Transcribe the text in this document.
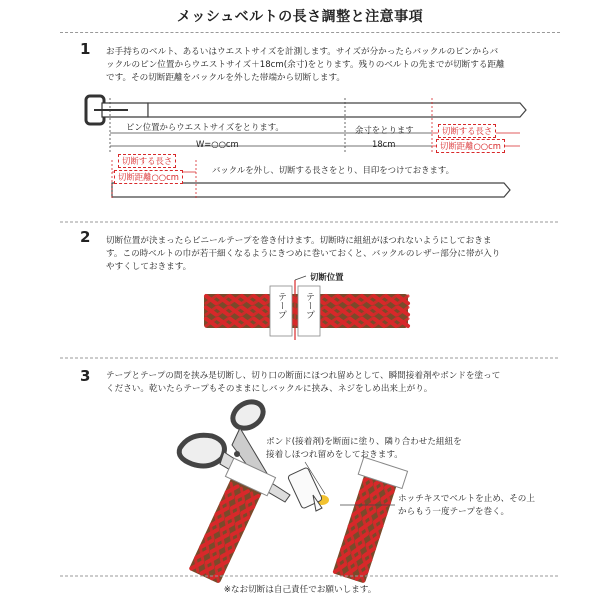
メッシュベルトの長さ調整と注意事項
1 お手持ちのベルト、あるいはウエストサイズを計測します。サイズが分かったらバックルのピンからバックルのピン位置からウエストサイズ＋18cm(余寸)をとります。残りのベルトの先までが切断する距離です。その切断距離をバックルを外した帯端から切断します。
ピン位置からウエストサイズをとります。
W=○○cm
余寸をとります
18cm
切断する長さ
切断距離○○cm
切断する長さ
切断距離○○cm
バックルを外し、切断する長さをとり、目印をつけておきます。
2 切断位置が決まったらビニールテープを巻き付けます。切断時に組紐がほつれないようにしておきます。この時ベルトの巾が若干細くなるようにきつめに巻いておくと、バックルのレザー部分に帯が入りやすくしておきます。
切断位置
テープ テープ
3 テープとテープの間を挟み是切断し、切り口の断面にほつれ留めとして、瞬間接着剤やボンドを塗ってください。乾いたらテープもそのままにしバックルに挟み、ネジをしめ出来上がり。
ボンド(接着剤)を断面に塗り、隣り合わせた組紐を接着しほつれ留めをしておきます。
ホッチキスでベルトを止め、その上からもう一度テープを巻く。
※なお切断は自己責任でお願いします。
